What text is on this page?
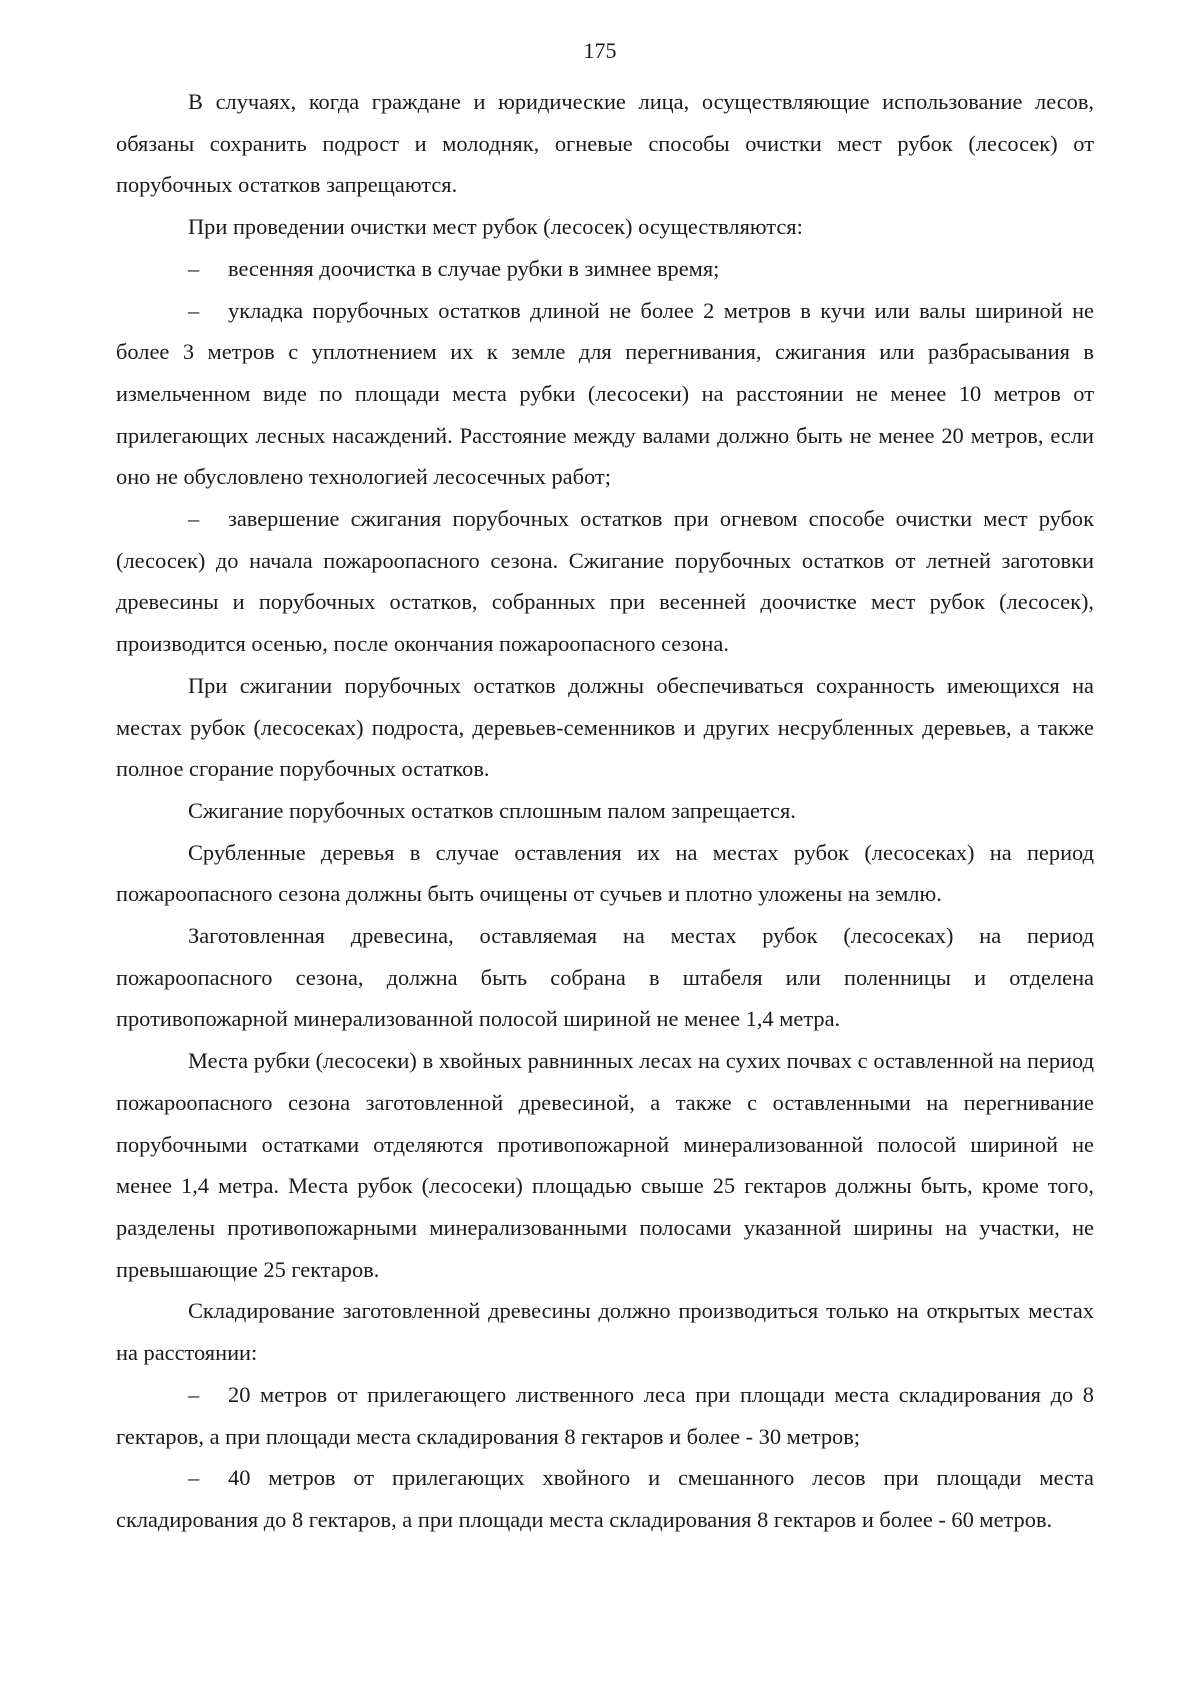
175

В случаях, когда граждане и юридические лица, осуществляющие использование лесов, обязаны сохранить подрост и молодняк, огневые способы очистки мест рубок (лесосек) от порубочных остатков запрещаются.

При проведении очистки мест рубок (лесосек) осуществляются:

– весенняя доочистка в случае рубки в зимнее время;

– укладка порубочных остатков длиной не более 2 метров в кучи или валы шириной не более 3 метров с уплотнением их к земле для перегнивания, сжигания или разбрасывания в измельченном виде по площади места рубки (лесосеки) на расстоянии не менее 10 метров от прилегающих лесных насаждений. Расстояние между валами должно быть не менее 20 метров, если оно не обусловлено технологией лесосечных работ;

– завершение сжигания порубочных остатков при огневом способе очистки мест рубок (лесосек) до начала пожароопасного сезона. Сжигание порубочных остатков от летней заготовки древесины и порубочных остатков, собранных при весенней доочистке мест рубок (лесосек), производится осенью, после окончания пожароопасного сезона.

При сжигании порубочных остатков должны обеспечиваться сохранность имеющихся на местах рубок (лесосеках) подроста, деревьев-семенников и других несрубленных деревьев, а также полное сгорание порубочных остатков.

Сжигание порубочных остатков сплошным палом запрещается.

Срубленные деревья в случае оставления их на местах рубок (лесосеках) на период пожароопасного сезона должны быть очищены от сучьев и плотно уложены на землю.

Заготовленная древесина, оставляемая на местах рубок (лесосеках) на период пожароопасного сезона, должна быть собрана в штабеля или поленницы и отделена противопожарной минерализованной полосой шириной не менее 1,4 метра.

Места рубки (лесосеки) в хвойных равнинных лесах на сухих почвах с оставленной на период пожароопасного сезона заготовленной древесиной, а также с оставленными на перегнивание порубочными остатками отделяются противопожарной минерализованной полосой шириной не менее 1,4 метра. Места рубок (лесосеки) площадью свыше 25 гектаров должны быть, кроме того, разделены противопожарными минерализованными полосами указанной ширины на участки, не превышающие 25 гектаров.

Складирование заготовленной древесины должно производиться только на открытых местах на расстоянии:

– 20 метров от прилегающего лиственного леса при площади места складирования до 8 гектаров, а при площади места складирования 8 гектаров и более - 30 метров;

– 40 метров от прилегающих хвойного и смешанного лесов при площади места складирования до 8 гектаров, а при площади места складирования 8 гектаров и более - 60 метров.
